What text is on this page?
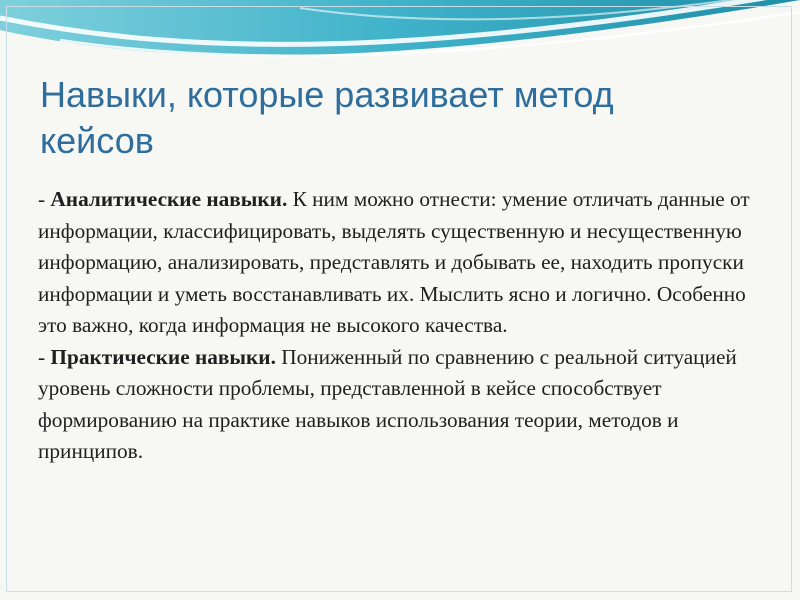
Навыки, которые развивает метод
кейсов

- Аналитические навыки. К ним можно отнести: умение отличать данные от информации, классифицировать, выделять существенную и несущественную информацию, анализировать, представлять и добывать ее, находить пропуски информации и уметь восстанавливать их. Мыслить ясно и логично. Особенно это важно, когда информация не высокого качества.

- Практические навыки. Пониженный по сравнению с реальной ситуацией уровень сложности проблемы, представленной в кейсе способствует формированию на практике навыков использования теории, методов и принципов.
